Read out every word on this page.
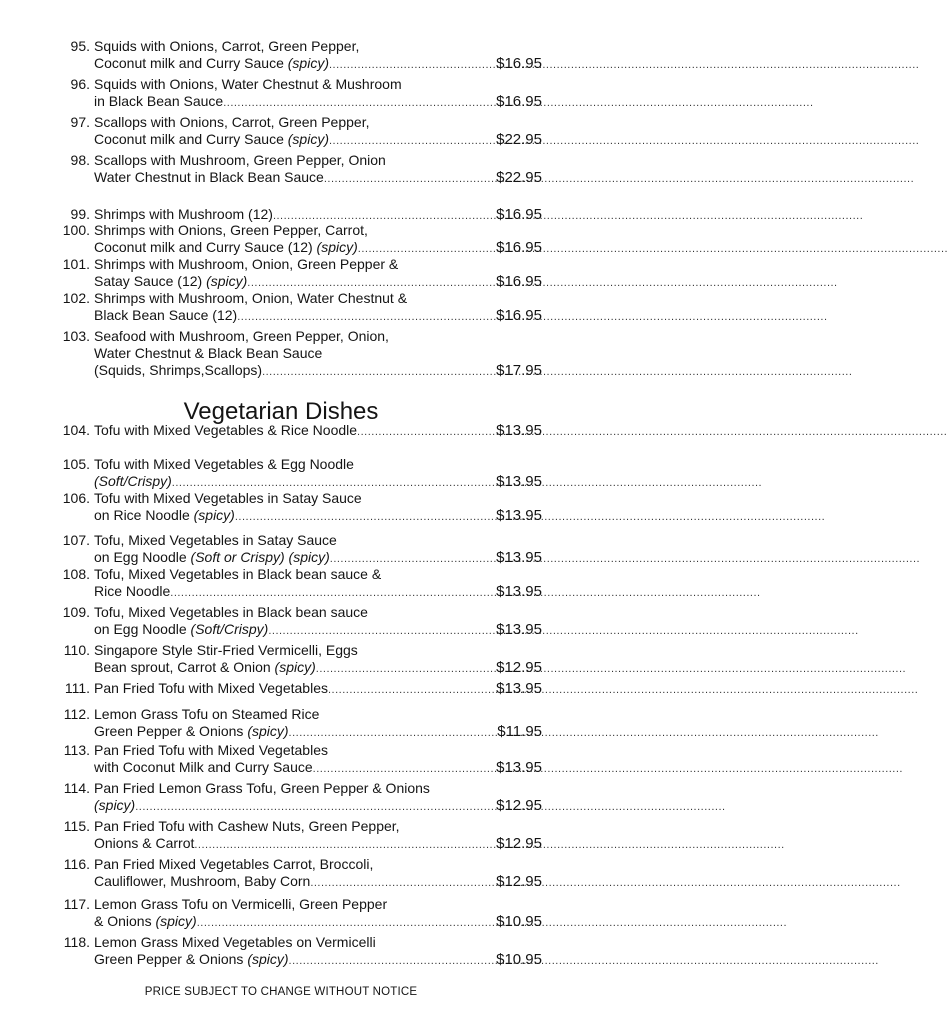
95. Squids with Onions, Carrot, Green Pepper,
Coconut milk and Curry Sauce (spicy) .....	$16.95
96. Squids with Onions, Water Chestnut & Mushroom
in Black Bean Sauce .....	$16.95
97. Scallops with Onions, Carrot, Green Pepper,
Coconut milk and Curry Sauce (spicy) .....	$22.95
98. Scallops with Mushroom, Green Pepper, Onion
Water Chestnut in Black Bean Sauce .....	$22.95
99. Shrimps with Mushroom (12) .....	$16.95
100. Shrimps with Onions, Green Pepper, Carrot,
Coconut milk and Curry Sauce (12) (spicy) .....	$16.95
101. Shrimps with Mushroom, Onion, Green Pepper &
Satay Sauce (12) (spicy) .....	$16.95
102. Shrimps with Mushroom, Onion, Water Chestnut &
Black Bean Sauce (12) .....	$16.95
103. Seafood with Mushroom, Green Pepper, Onion,
Water Chestnut & Black Bean Sauce
(Squids, Shrimps,Scallops) .....	$17.95
Vegetarian Dishes
104. Tofu with Mixed Vegetables & Rice Noodle .....	$13.95
105. Tofu with Mixed Vegetables & Egg Noodle
(Soft/Crispy) .....	$13.95
106. Tofu with Mixed Vegetables in Satay Sauce
on Rice Noodle (spicy) .....	$13.95
107. Tofu, Mixed Vegetables in Satay Sauce
on Egg Noodle (Soft or Crispy) (spicy) .....	$13.95
108. Tofu, Mixed Vegetables in Black bean sauce &
Rice Noodle .....	$13.95
109. Tofu, Mixed Vegetables in Black bean sauce
on Egg Noodle (Soft/Crispy) .....	$13.95
110. Singapore Style Stir-Fried Vermicelli, Eggs
Bean sprout, Carrot & Onion (spicy) .....	$12.95
111. Pan Fried Tofu with Mixed Vegetables .....	$13.95
112. Lemon Grass Tofu on Steamed Rice
Green Pepper & Onions (spicy) .....	$11.95
113. Pan Fried Tofu with Mixed Vegetables
with Coconut Milk and Curry Sauce .....	$13.95
114. Pan Fried Lemon Grass Tofu, Green Pepper & Onions
(spicy) .....	$12.95
115. Pan Fried Tofu with Cashew Nuts, Green Pepper,
Onions & Carrot .....	$12.95
116. Pan Fried Mixed Vegetables Carrot, Broccoli,
Cauliflower, Mushroom, Baby Corn .....	$12.95
117. Lemon Grass Tofu on Vermicelli, Green Pepper
& Onions (spicy) .....	$10.95
118. Lemon Grass Mixed Vegetables on Vermicelli
Green Pepper & Onions (spicy) .....	$10.95
PRICE SUBJECT TO CHANGE WITHOUT NOTICE
